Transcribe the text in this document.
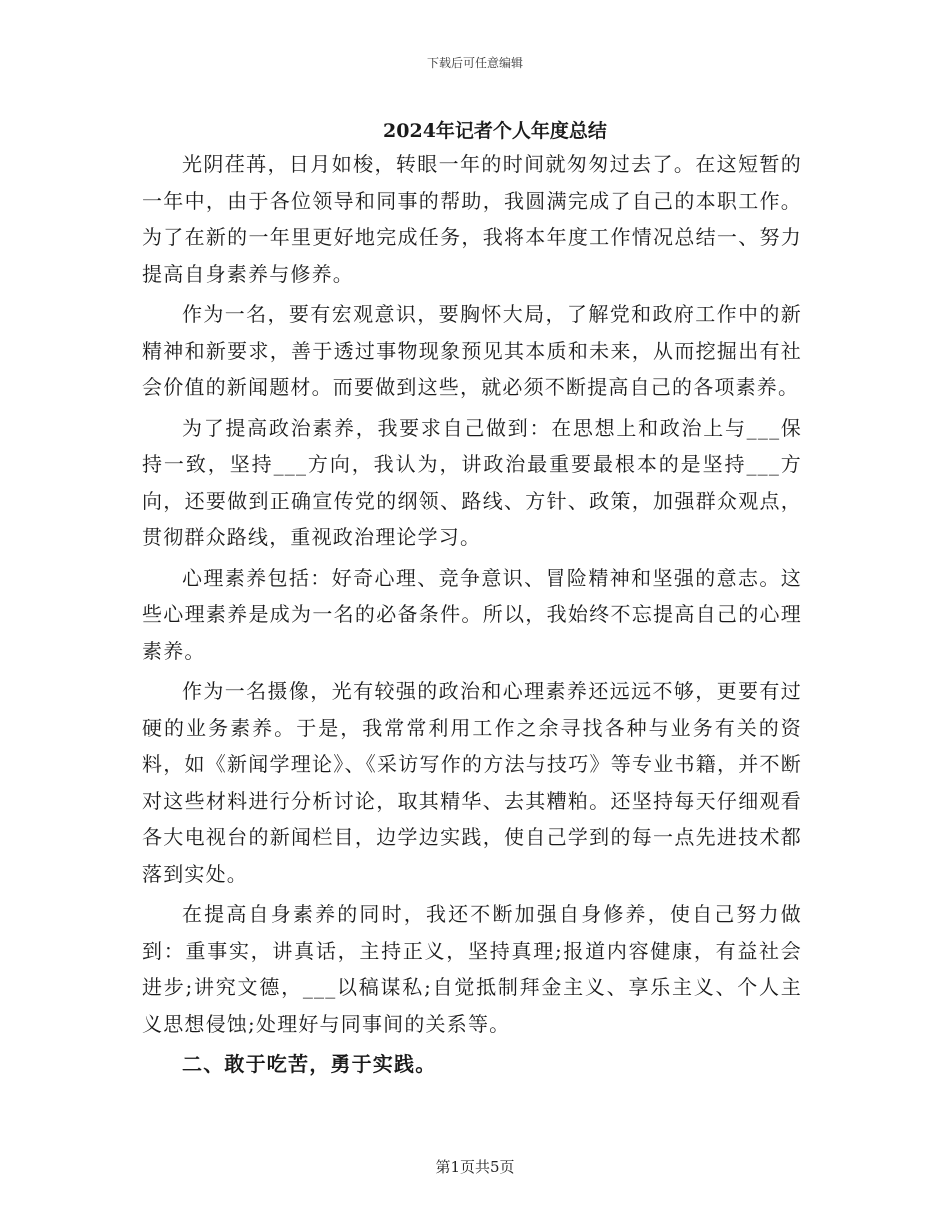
下载后可任意编辑
2024年记者个人年度总结

光阴荏苒，日月如梭，转眼一年的时间就匆匆过去了。在这短暂的一年中，由于各位领导和同事的帮助，我圆满完成了自己的本职工作。为了在新的一年里更好地完成任务，我将本年度工作情况总结一、努力提高自身素养与修养。

作为一名，要有宏观意识，要胸怀大局，了解党和政府工作中的新精神和新要求，善于透过事物现象预见其本质和未来，从而挖掘出有社会价值的新闻题材。而要做到这些，就必须不断提高自己的各项素养。

为了提高政治素养，我要求自己做到：在思想上和政治上与___保持一致，坚持___方向，我认为，讲政治最重要最根本的是坚持___方向，还要做到正确宣传党的纲领、路线、方针、政策，加强群众观点，贯彻群众路线，重视政治理论学习。

心理素养包括：好奇心理、竞争意识、冒险精神和坚强的意志。这些心理素养是成为一名的必备条件。所以，我始终不忘提高自己的心理素养。

作为一名摄像，光有较强的政治和心理素养还远远不够，更要有过硬的业务素养。于是，我常常利用工作之余寻找各种与业务有关的资料，如《新闻学理论》、《采访写作的方法与技巧》等专业书籍，并不断对这些材料进行分析讨论，取其精华、去其糟粕。还坚持每天仔细观看各大电视台的新闻栏目，边学边实践，使自己学到的每一点先进技术都落到实处。

在提高自身素养的同时，我还不断加强自身修养，使自己努力做到：重事实，讲真话，主持正义，坚持真理;报道内容健康，有益社会进步;讲究文德，___以稿谋私;自觉抵制拜金主义、享乐主义、个人主义思想侵蚀;处理好与同事间的关系等。

二、敢于吃苦，勇于实践。

第1页共5页
